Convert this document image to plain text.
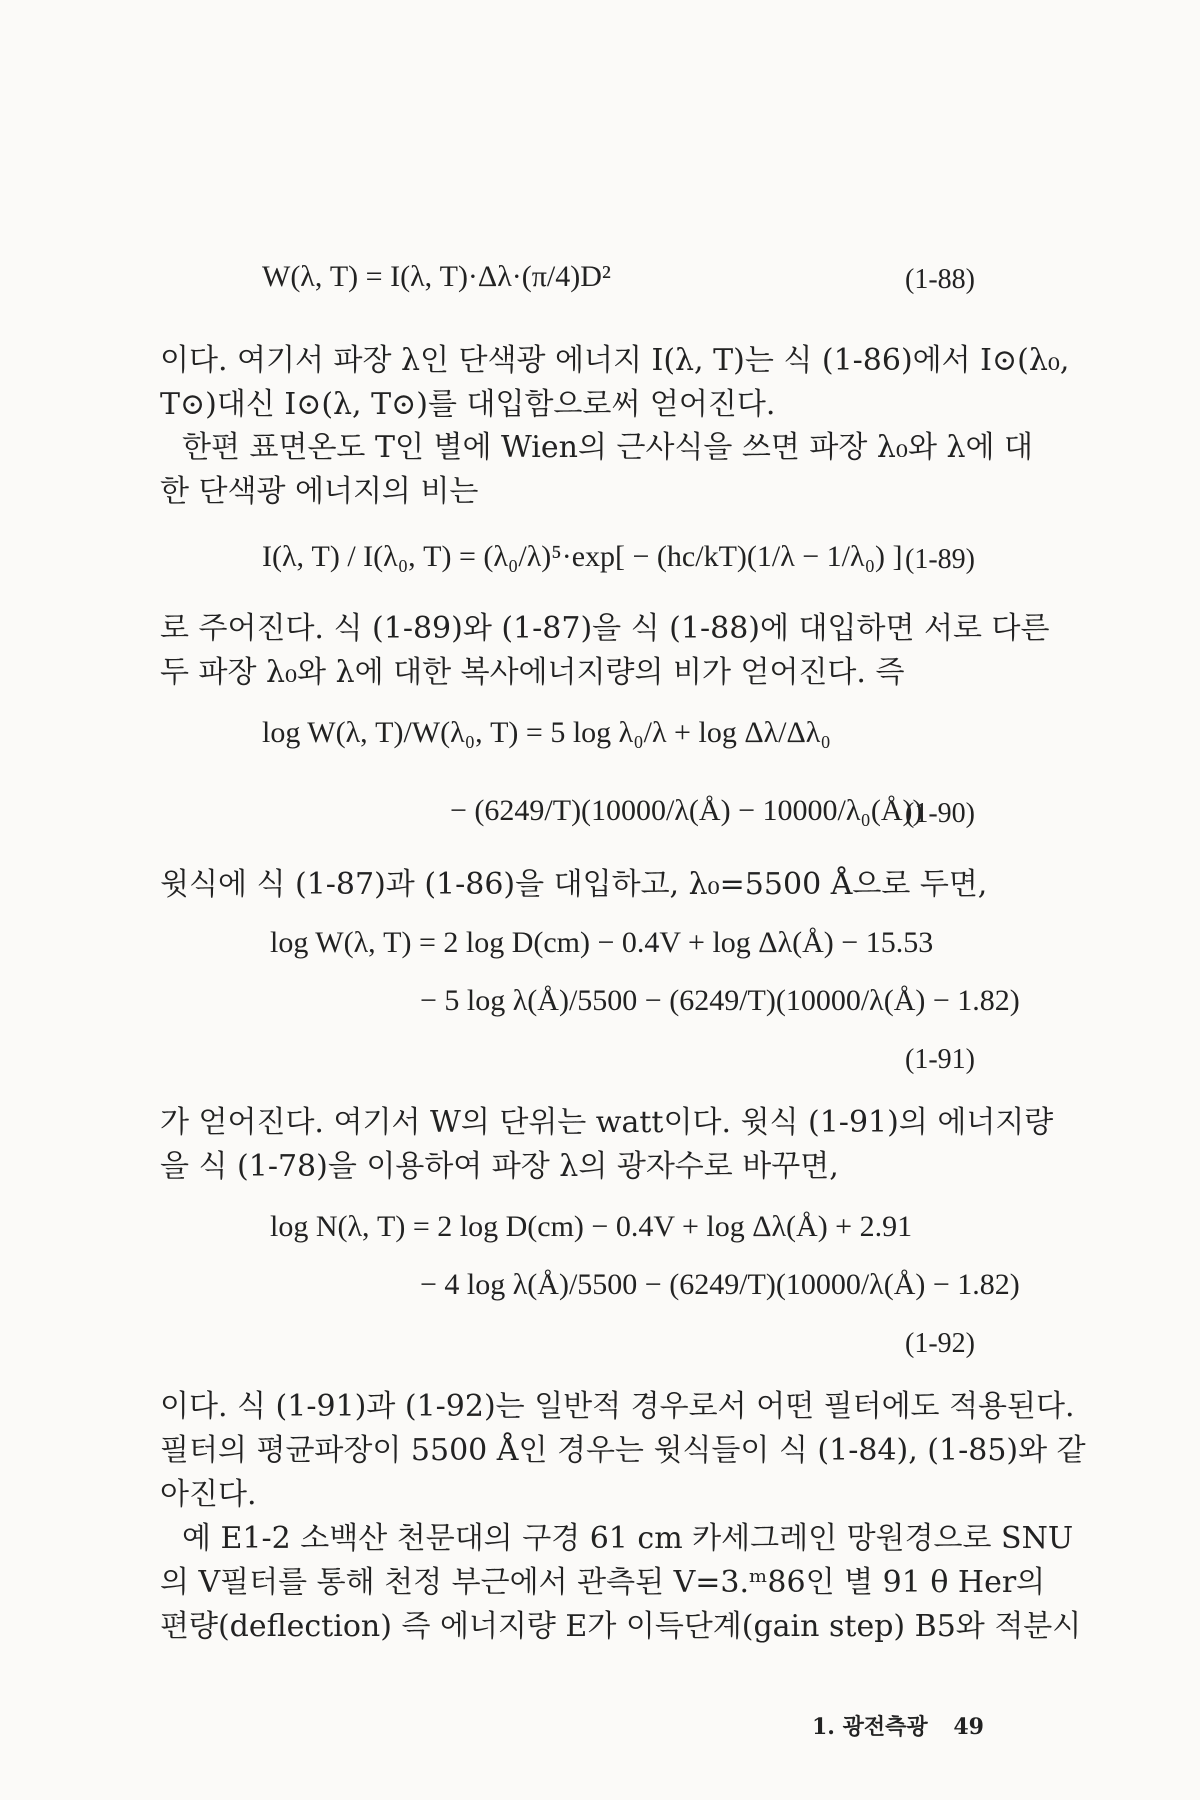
W(λ, T) = I(λ, T)·Δλ·(π/4)D²	(1-88)
이다. 여기서 파장 λ인 단색광 에너지 I(λ, T)는 식 (1-86)에서 I⊙(λ₀,
T⊙)대신 I⊙(λ, T⊙)를 대입함으로써 얻어진다.
한편 표면온도 T인 별에 Wien의 근사식을 쓰면 파장 λ₀와 λ에 대
한 단색광 에너지의 비는
I(λ, T) / I(λ₀, T) = (λ₀/λ)⁵·exp[ − (hc/kT)(1/λ − 1/λ₀) ] (1-89)
로 주어진다. 식 (1-89)와 (1-87)을 식 (1-88)에 대입하면 서로 다른
두 파장 λ₀와 λ에 대한 복사에너지량의 비가 얻어진다. 즉
log W(λ, T)/W(λ₀, T) = 5 log λ₀/λ + log Δλ/Δλ₀
− (6249/T)(10000/λ(Å) − 10000/λ₀(Å))
(1-90)
윗식에 식 (1-87)과 (1-86)을 대입하고, λ₀=5500 Å으로 두면,
log W(λ, T) = 2 log D(cm) − 0.4V + log Δλ(Å) − 15.53
− 5 log λ(Å)/5500 − (6249/T)(10000/λ(Å) − 1.82)
(1-91)
가 얻어진다. 여기서 W의 단위는 watt이다. 윗식 (1-91)의 에너지량
을 식 (1-78)을 이용하여 파장 λ의 광자수로 바꾸면,
log N(λ, T) = 2 log D(cm) − 0.4V + log Δλ(Å) + 2.91
− 4 log λ(Å)/5500 − (6249/T)(10000/λ(Å) − 1.82)
(1-92)
이다. 식 (1-91)과 (1-92)는 일반적 경우로서 어떤 필터에도 적용된다.
필터의 평균파장이 5500 Å인 경우는 윗식들이 식 (1-84), (1-85)와 같
아진다.
예 E1-2 소백산 천문대의 구경 61 cm 카세그레인 망원경으로 SNU
의 V필터를 통해 천정 부근에서 관측된 V=3.ᵐ86인 별 91 θ Her의
편량(deflection) 즉 에너지량 E가 이득단계(gain step) B5와 적분시
1. 광전측광 49
